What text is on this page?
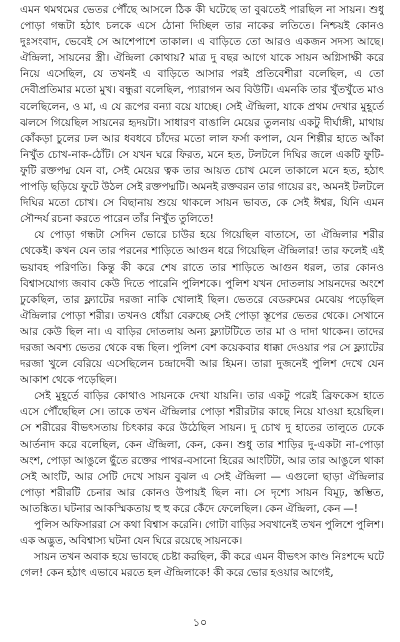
এমন থমথমের ভেতর পৌঁছে আসলে ঠিক কী ঘটেছে তা বুঝতেই পারছিল না সায়ন। শুধু পোড়া গন্ধটা হঠাৎ চলকে এসে ঠোনা দিচ্ছিল তার নাকের লতিতে। নিশ্চয়ই কোনও দুঃসংবাদ, ভেবেই সে আশেপাশে তাকাল। এ বাড়িতে তো আরও একজন সদস্য আছে। ঐন্দ্রিলা, সায়নের স্ত্রী। ঐন্দ্রিলা কোথায়? মাত্র দু বছর আগে যাকে সায়ন অগ্নিসাক্ষী করে নিয়ে এসেছিল, যে তখনই এ বাড়িতে আসার পরই প্রতিবেশীরা বলেছিল, এ তো দেবীপ্রতিমার মতো মুখ। বন্ধুরা বলেছিল, প্যারাগন অব বিউটি। এমনকি তার খুঁতখুঁতে মাও বলেছিলেন, ও মা, এ যে রূপের বন্যা বয়ে যাচ্ছে। সেই ঐন্দ্রিলা, যাকে প্রথম দেখার মুহূর্তে ঝলসে গিয়েছিল সায়নের হৃদয়টা। সাধারণ বাঙালি মেয়ের তুলনায় একটু দীর্ঘাঙ্গী, মাথায় কোঁকড়া চুলের ঢল আর ধবধবে চাঁদের মতো লাল ফর্সা কপাল, যেন শিল্পীর হাতে আঁকা নিখুঁত চোখ-নাক-ঠোঁট। সে যখন ঘরে ফিরত, মনে হত, টলটলে দিঘির জলে একটি ফুটি-ফুটি রক্তপদ্ম যেন বা, সেই মেয়ের ত্বক তার আয়ত চোখ মেলে তাকালে মনে হত, হঠাৎ পাপড়ি ছড়িয়ে ফুটে উঠল সেই রক্তপদ্মটি। অমনই রক্তবরন তার গায়ের রং, অমনই টলটলে দিঘির মতো চোখ। সে বিছানায় শুয়ে থাকলে সায়ন ভাবত, কে সেই ঈশ্বর, যিনি এমন সৌন্দর্য রচনা করতে পারেন তাঁর নিখুঁত তুলিতে!

যে পোড়া গন্ধটা সেদিন ভোরে চাউর হয়ে গিয়েছিল বাতাসে, তা ঐন্দ্রিলার শরীর থেকেই। কখন যেন তার পরনের শাড়িতে আগুন ধরে গিয়েছিল ঐন্দ্রিলার! তার ফলেই এই ভয়াবহ পরিণতি। কিন্তু কী করে শেষ রাতে তার শাড়িতে আগুন ধরল, তার কোনও বিশ্বাসযোগ্য জবাব কেউ দিতে পারেনি পুলিশকে। পুলিশ যখন দোতলায় সায়নদের অংশে ঢুকেছিল, তার ফ্ল্যাটের দরজা নাকি খোলাই ছিল। ভেতরে বেডরুমের মেঝেয় পড়েছিল ঐন্দ্রিলার পোড়া শরীর। তখনও ধোঁয়া বেরুচ্ছে সেই পোড়া স্তূপের ভেতর থেকে। সেখানে আর কেউ ছিল না। এ বাড়ির দোতলায় অন্য ফ্ল্যাটটিতে তার মা ও দাদা থাকেন। তাদের দরজা অবশ্য ভেতর থেকে বন্ধ ছিল। পুলিশ বেশ কয়েকবার ধাক্কা দেওয়ার পর সে ফ্ল্যাটের দরজা খুলে বেরিয়ে এসেছিলেন চন্দ্রাদেবী আর হিমন। তারা দুজনেই পুলিশ দেখে যেন আকাশ থেকে পড়েছিল।

সেই মুহূর্তে বাড়ির কোথাও সায়নকে দেখা যায়নি। তার একটু পরেই ব্রিফকেস হাতে এসে পৌঁছেছিল সে। তাকে তখন ঐন্দ্রিলার পোড়া শরীরটার কাছে নিয়ে যাওয়া হয়েছিল। সে শরীরের বীভৎসতায় চিৎকার করে উঠেছিল সায়ন। দু চোখ দু হাতের তালুতে ঢেকে আর্তনাদ করে বলেছিল, কেন ঐন্দ্রিলা, কেন, কেন। শুধু তার শাড়ির দু-একটা না-পোড়া অংশ, পোড়া আঙুলে ছুঁতে রক্তের পাথর-বসানো হিরের আংটিটা, আর তার আঙুলে থাকা সেই আংটি, আর সেটি দেখে সায়ন বুঝল এ সেই ঐন্দ্রিলা — এগুলো ছাড়া ঐন্দ্রিলার পোড়া শরীরটি চেনার আর কোনও উপায়ই ছিল না। সে দৃশ্যে সায়ন বিমূঢ়, স্তম্ভিত, আতঙ্কিত। ঘটনার আকস্মিকতায় হু হু করে কেঁদে ফেলেছিল। কেন ঐন্দ্রিলা, কেন —!

পুলিস অফিসাররা সে কথা বিশ্বাস করেনি। গোটা বাড়ির সবখানেই তখন পুলিশে পুলিশ। এক অদ্ভুত, অবিশ্বাস্য ঘটনা যেন ঘিরে রয়েছে সায়নকে।

সায়ন তখন অবাক হয়ে ভাবছে চেষ্টা করছিল, কী করে এমন বীভৎস কাণ্ড নিঃশব্দে ঘটে গেল! কেন হঠাৎ এভাবে মরতে হল ঐন্দ্রিলাকে! কী করে ভোর হওয়ার আগেই,

১০
